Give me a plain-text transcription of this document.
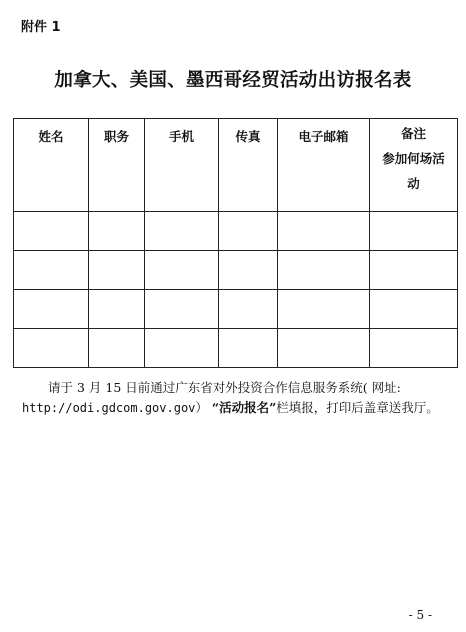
附件 1
加拿大、美国、墨西哥经贸活动出访报名表
姓名	职务	手机	传真	电子邮箱	备注
参加何场活
动

请于 3 月 15 日前通过广东省对外投资合作信息服务系统( 网址: http://odi.gdcom.gov.gov） “活动报名”栏填报，打印后盖章送我厅。
- 5 -
